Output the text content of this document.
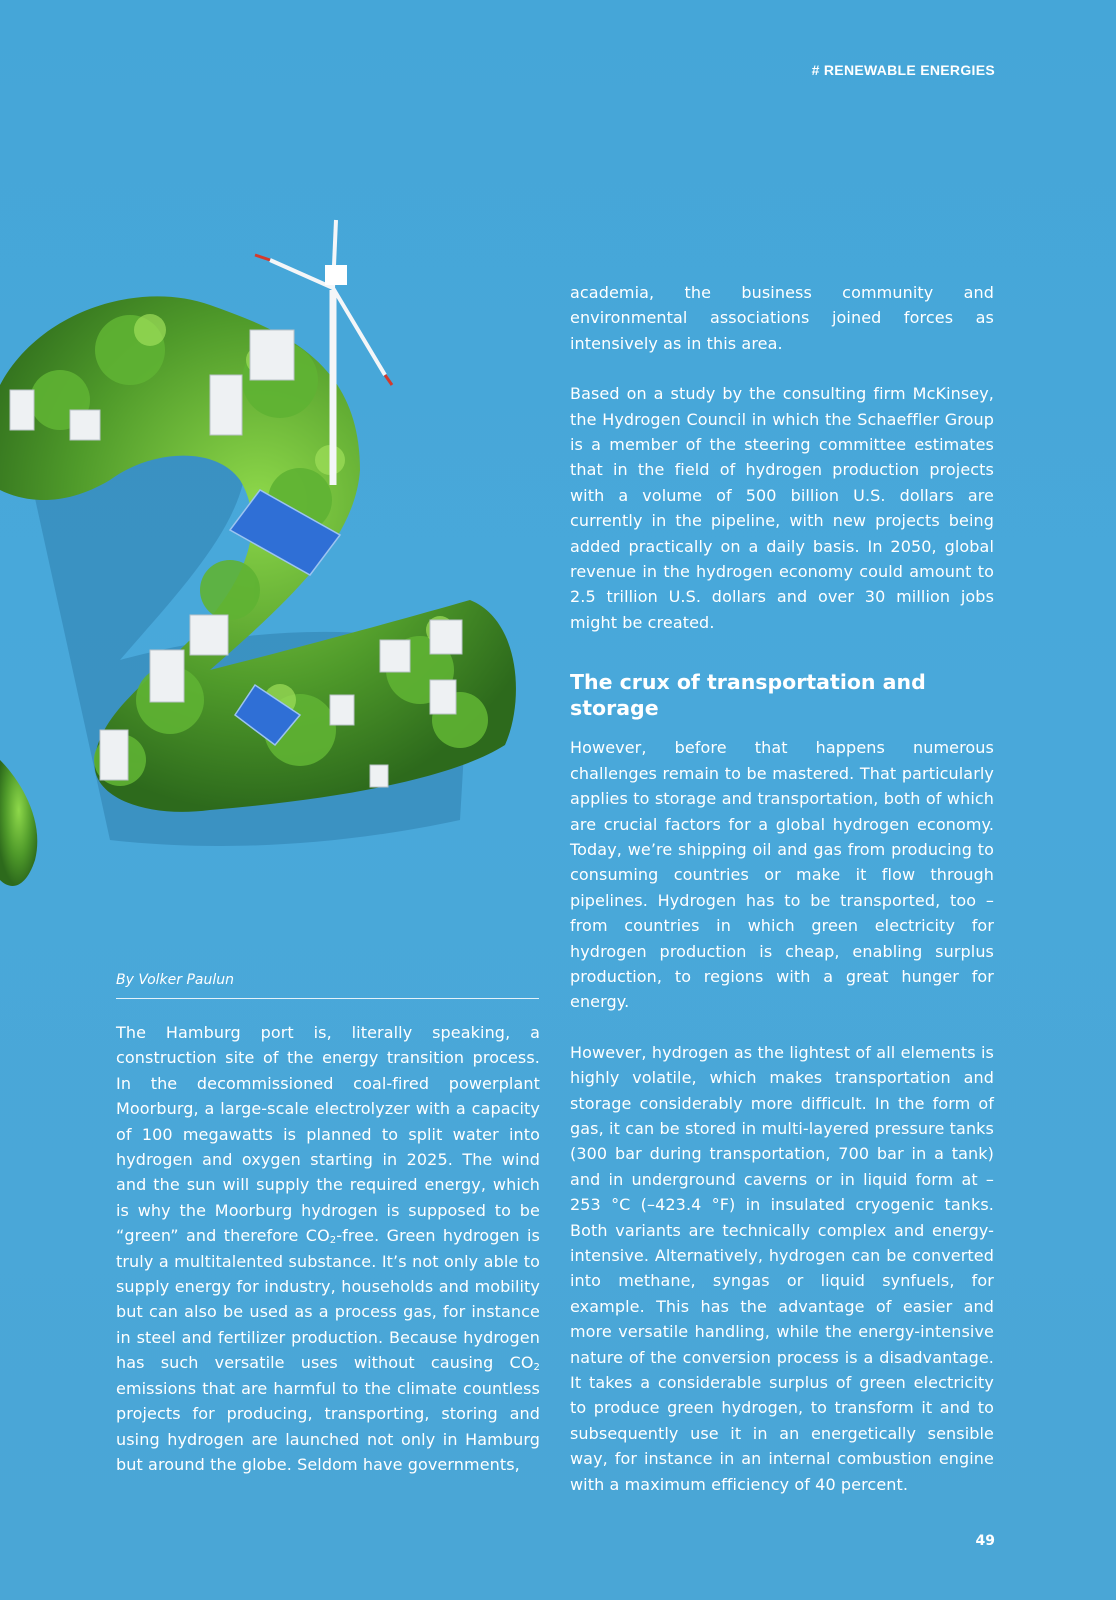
# RENEWABLE ENERGIES
By Volker Paulun

The Hamburg port is, literally speaking, a construction site of the energy transition process. In the decommissioned coal-fired powerplant Moorburg, a large-scale electrolyzer with a capacity of 100 megawatts is planned to split water into hydrogen and oxygen starting in 2025. The wind and the sun will supply the required energy, which is why the Moorburg hydrogen is supposed to be “green” and therefore $CO_2$-free. Green hydrogen is truly a multitalented substance. It’s not only able to supply energy for industry, households and mobility but can also be used as a process gas, for instance in steel and fertilizer production. Because hydrogen has such versatile uses without causing $CO_2$ emissions that are harmful to the climate countless projects for producing, transporting, storing and using hydrogen are launched not only in Hamburg but around the globe. Seldom have governments,

academia, the business community and environmental associations joined forces as intensively as in this area.

Based on a study by the consulting firm McKinsey, the Hydrogen Council in which the Schaeffler Group is a member of the steering committee estimates that in the field of hydrogen production projects with a volume of 500 billion U.S. dollars are currently in the pipeline, with new projects being added practically on a daily basis. In 2050, global revenue in the hydrogen economy could amount to 2.5 trillion U.S. dollars and over 30 million jobs might be created.

The crux of transportation and storage

However, before that happens numerous challenges remain to be mastered. That particularly applies to storage and transportation, both of which are crucial factors for a global hydrogen economy. Today, we’re shipping oil and gas from producing to consuming countries or make it flow through pipelines. Hydrogen has to be transported, too – from countries in which green electricity for hydrogen production is cheap, enabling surplus production, to regions with a great hunger for energy.

However, hydrogen as the lightest of all elements is highly volatile, which makes transportation and storage considerably more difficult. In the form of gas, it can be stored in multi-layered pressure tanks (300 bar during transportation, 700 bar in a tank) and in underground caverns or in liquid form at –253 °C (–423.4 °F) in insulated cryogenic tanks. Both variants are technically complex and energy-intensive. Alternatively, hydrogen can be converted into methane, syngas or liquid synfuels, for example. This has the advantage of easier and more versatile handling, while the energy-intensive nature of the conversion process is a disadvantage. It takes a considerable surplus of green electricity to produce green hydrogen, to transform it and to subsequently use it in an energetically sensible way, for instance in an internal combustion engine with a maximum efficiency of 40 percent.

49
